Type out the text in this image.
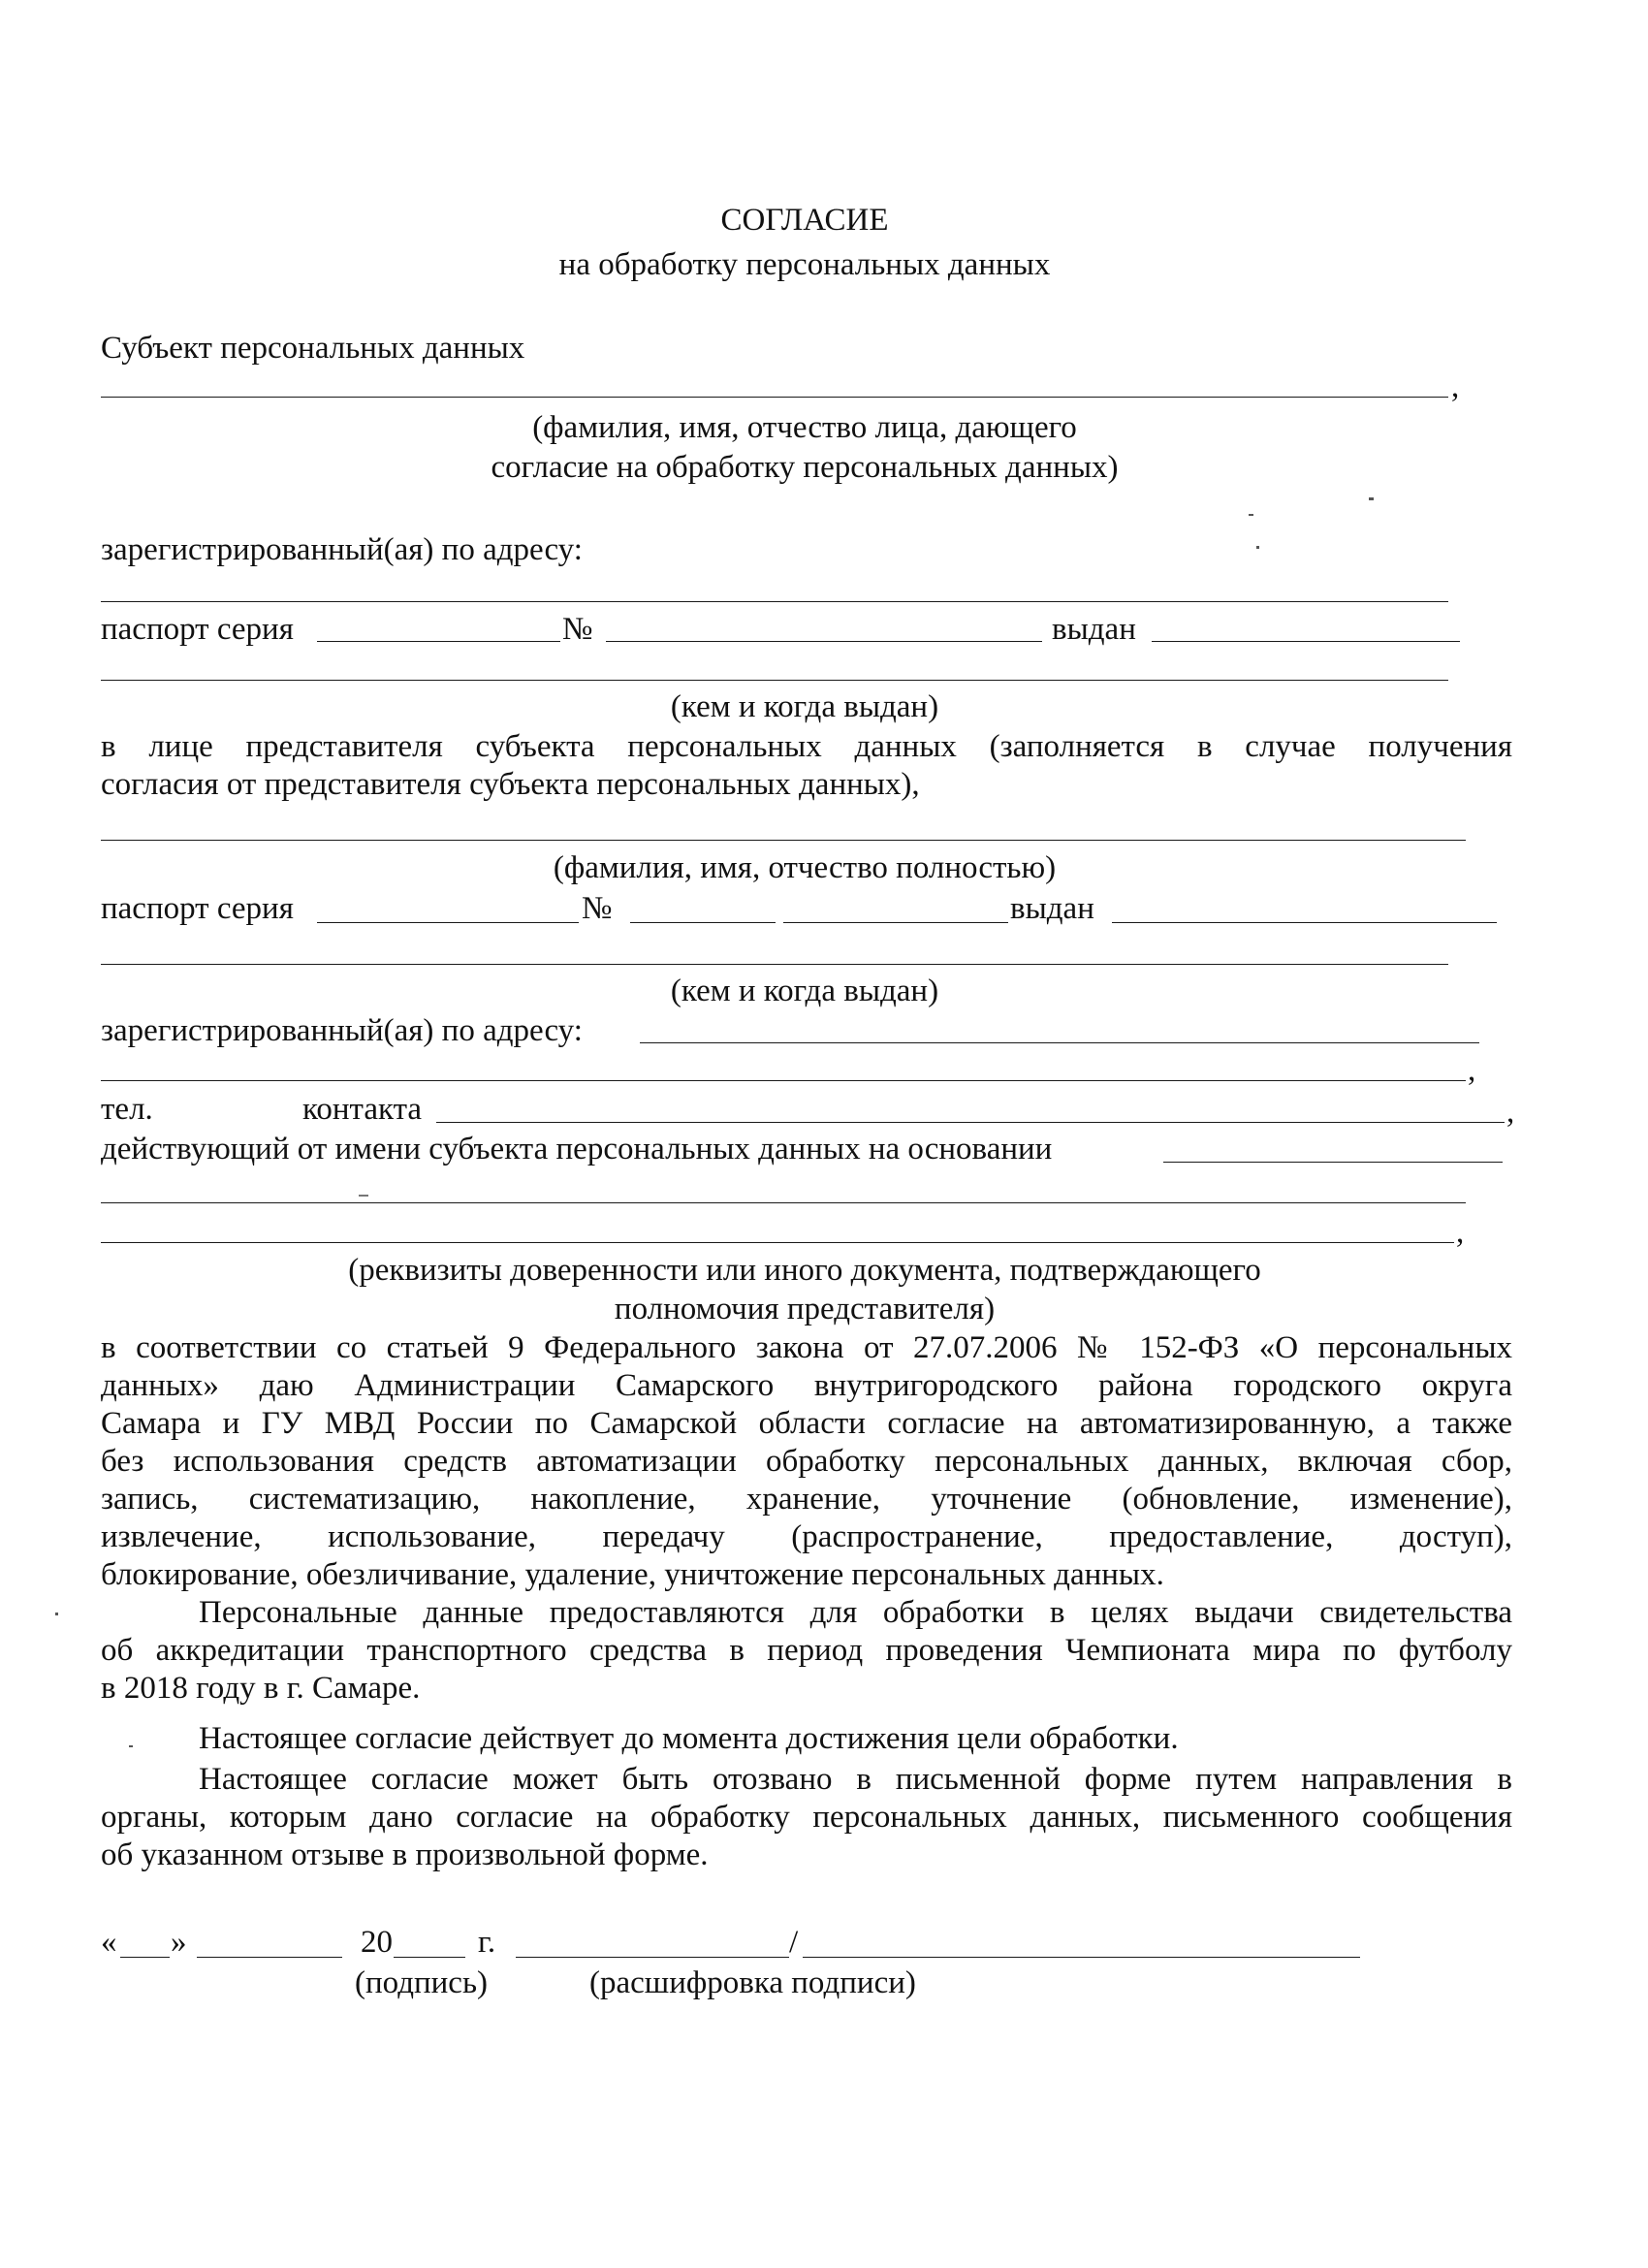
СОГЛАСИЕ
на обработку персональных данных
Субъект персональных данных
,
(фамилия, имя, отчество лица, дающего
согласие на обработку персональных данных)
зарегистрированный(ая) по адресу:
паспорт серия	№	выдан
(кем и когда выдан)
в лице представителя субъекта персональных данных (заполняется в случае получения
согласия от представителя субъекта персональных данных),
(фамилия, имя, отчество полностью)
паспорт серия	№	выдан
(кем и когда выдан)
зарегистрированный(ая) по адресу:
,
тел.	контакта	,
действующий от имени субъекта персональных данных на основании
,
(реквизиты доверенности или иного документа, подтверждающего
полномочия представителя)
в соответствии со статьей 9 Федерального закона от 27.07.2006 № 152-ФЗ «О персональных
данных» даю Администрации Самарского внутригородского района городского округа
Самара и ГУ МВД России по Самарской области согласие на автоматизированную, а также
без использования средств автоматизации обработку персональных данных, включая сбор,
запись, систематизацию, накопление, хранение, уточнение (обновление, изменение),
извлечение, использование, передачу (распространение, предоставление, доступ),
блокирование, обезличивание, удаление, уничтожение персональных данных.
Персональные данные предоставляются для обработки в целях выдачи свидетельства
об аккредитации транспортного средства в период проведения Чемпионата мира по футболу
в 2018 году в г. Самаре.
Настоящее согласие действует до момента достижения цели обработки.
Настоящее согласие может быть отозвано в письменной форме путем направления в
органы, которым дано согласие на обработку персональных данных, письменного сообщения
об указанном отзыве в произвольной форме.
« »	20	г.	/
(подпись)	(расшифровка подписи)
